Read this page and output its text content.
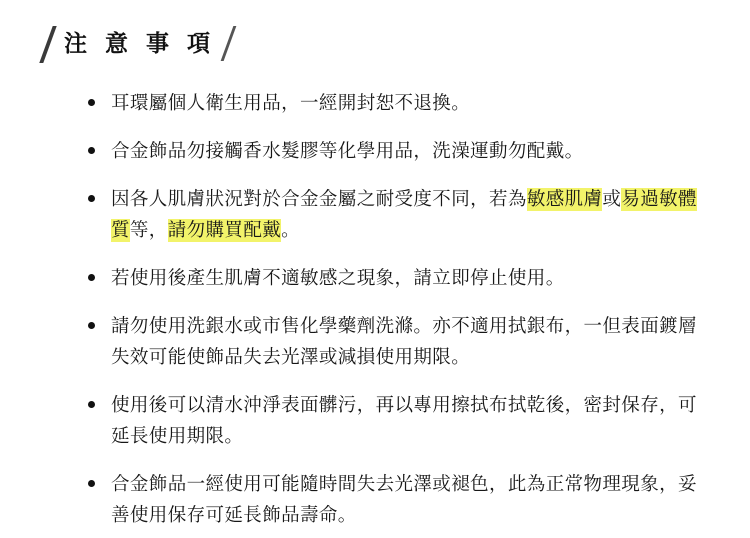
注 意 事 項
耳環屬個人衛生用品，一經開封恕不退換。
合金飾品勿接觸香水髮膠等化學用品，洗澡運動勿配戴。
因各人肌膚狀況對於合金金屬之耐受度不同，若為敏感肌膚或易過敏體質等，請勿購買配戴。
若使用後產生肌膚不適敏感之現象，請立即停止使用。
請勿使用洗銀水或市售化學藥劑洗滌。亦不適用拭銀布，一但表面鍍層失效可能使飾品失去光澤或減損使用期限。
使用後可以清水沖淨表面髒污，再以專用擦拭布拭乾後，密封保存，可延長使用期限。
合金飾品一經使用可能隨時間失去光澤或褪色，此為正常物理現象，妥善使用保存可延長飾品壽命。
